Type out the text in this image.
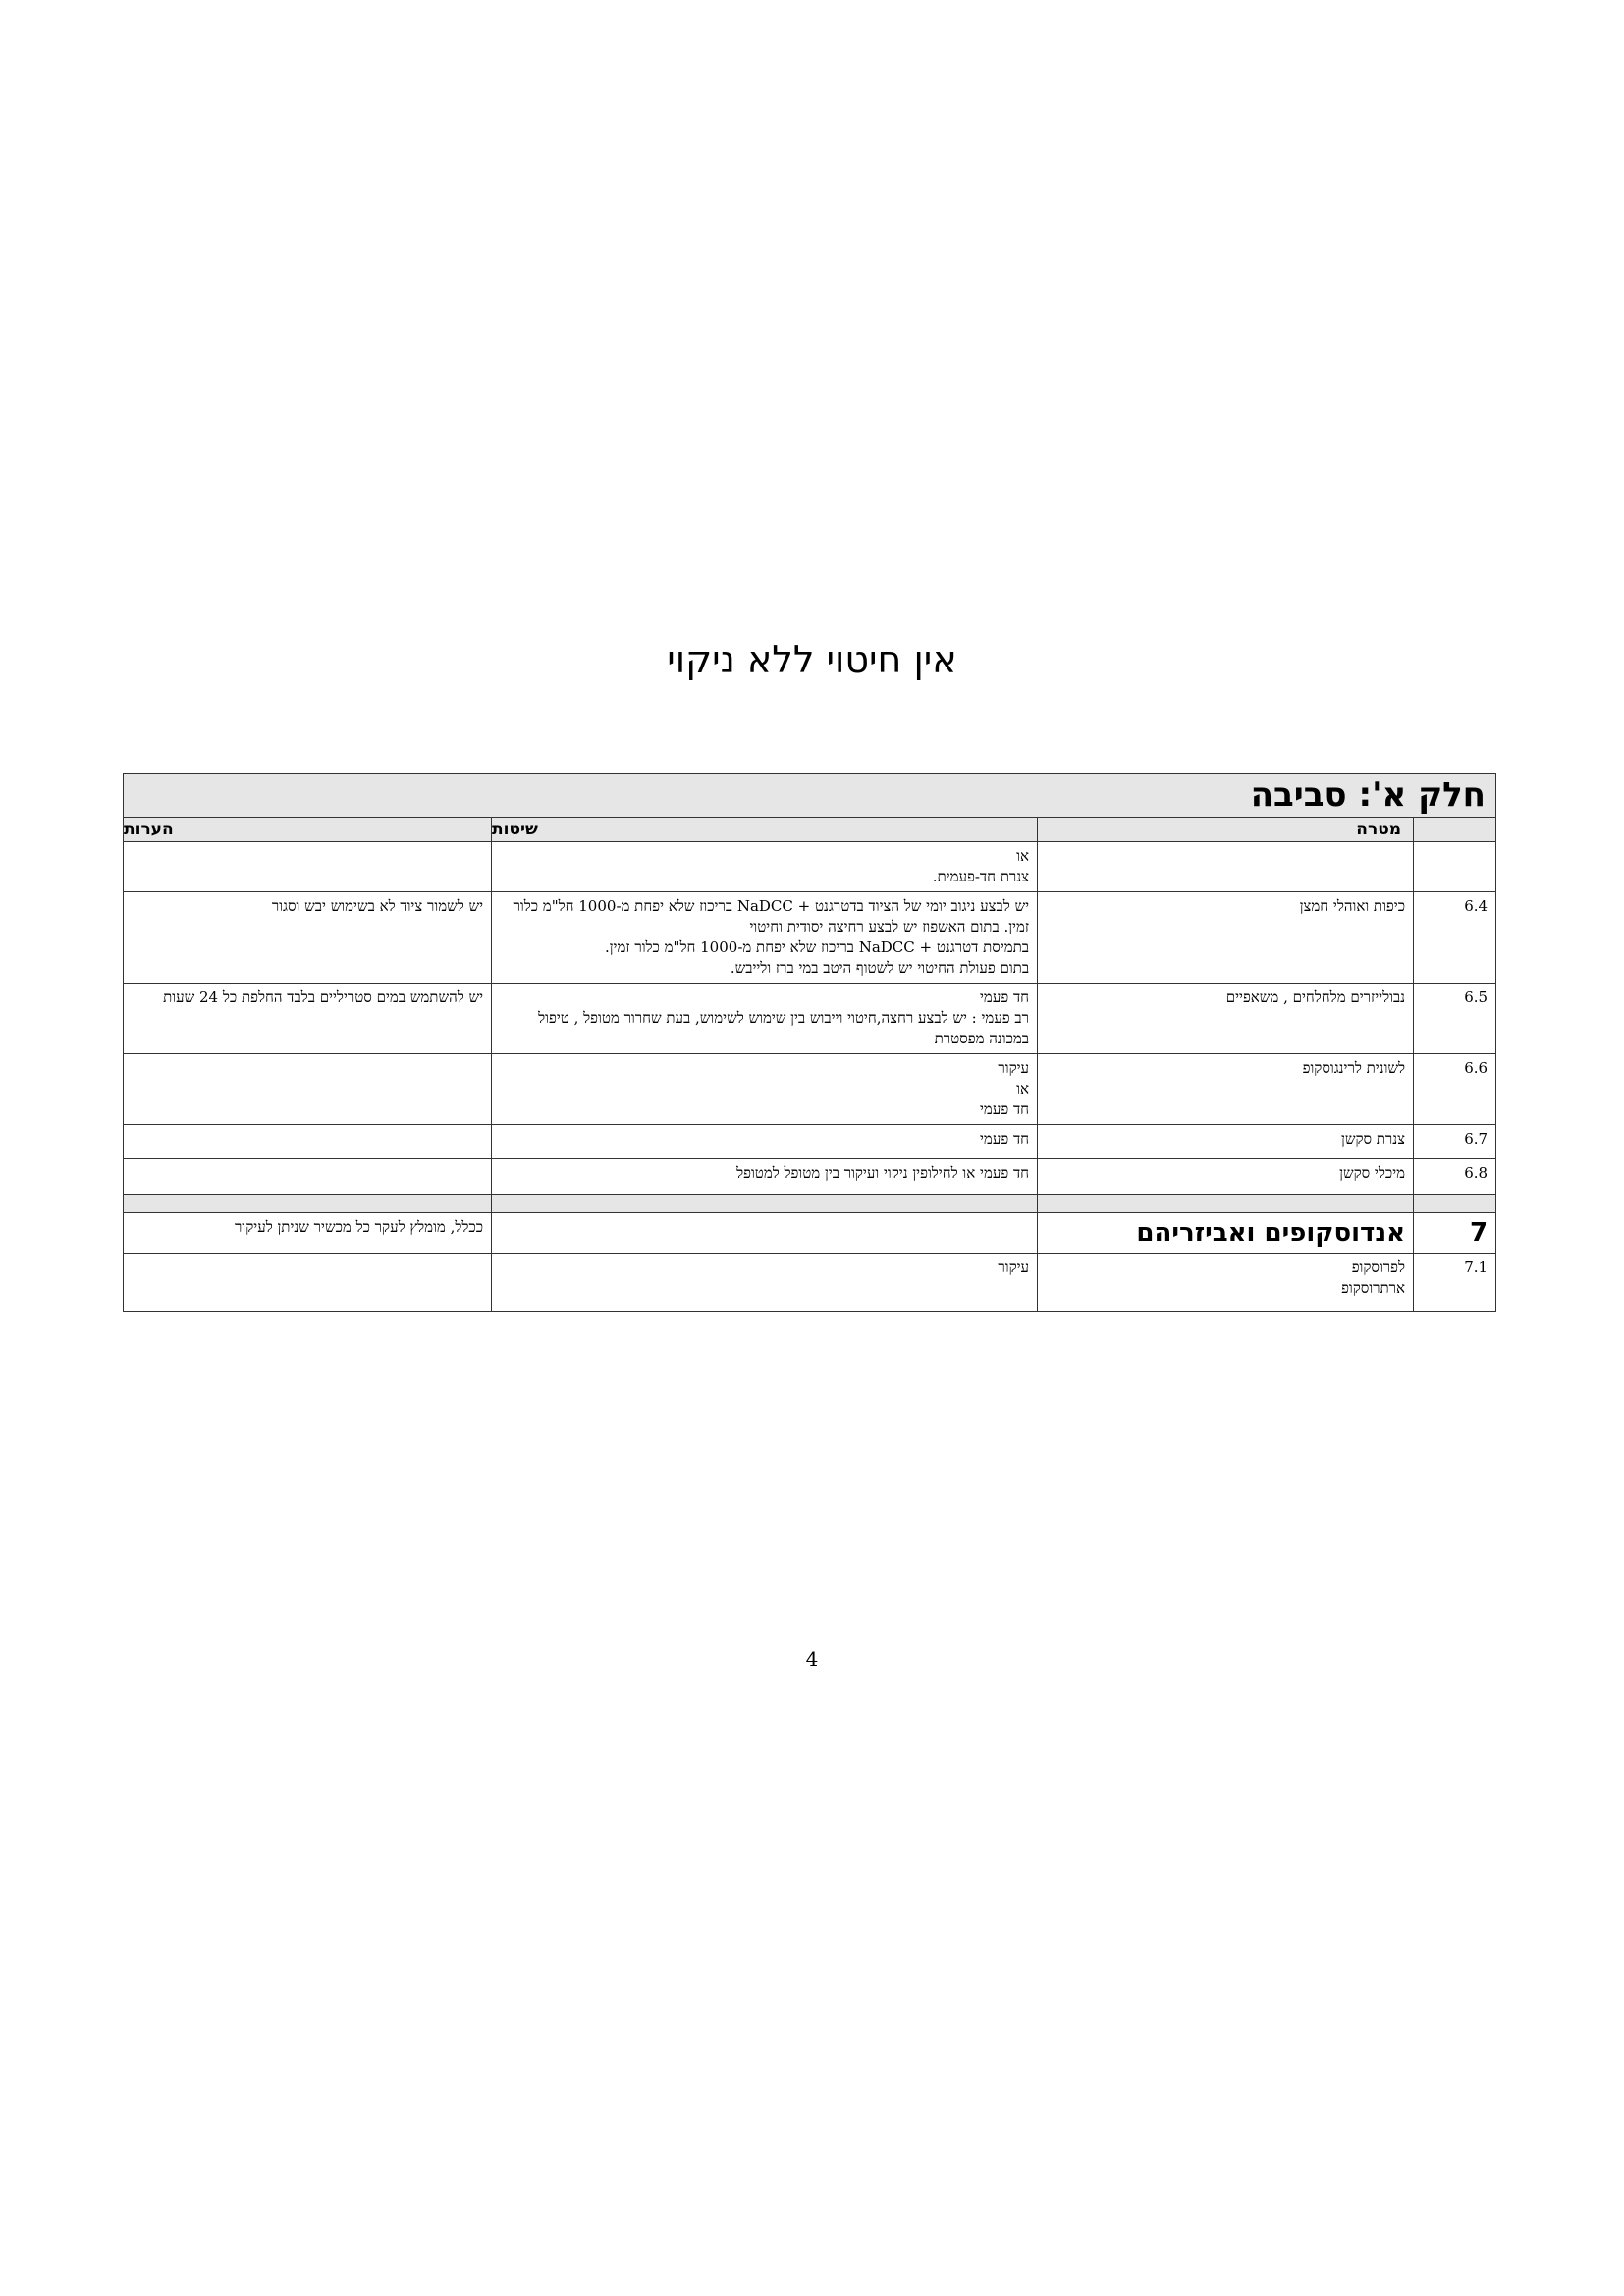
אין חיטוי ללא ניקוי
חלק א': סביבה			
	מטרה	שיטות	הערות

		או
צנרת חד-פעמית.	

6.4	כיפות ואוהלי חמצן	יש לבצע ניגוב יומי של הציוד בדטרגנט + NaDCC בריכוז שלא יפחת מ-1000 חל"מ כלור זמין. בתום האשפוז יש לבצע רחיצה יסודית וחיטוי
בתמיסת דטרגנט + NaDCC בריכוז שלא יפחת מ-1000 חל"מ כלור זמין.
בתום פעולת החיטוי יש לשטוף היטב במי ברז ולייבש.	יש לשמור ציוד לא בשימוש יבש וסגור
6.5	נבולייזרים מלחלחים , משאפיים	חד פעמי
רב פעמי : יש לבצע רחצה,חיטוי וייבוש בין שימוש לשימוש, בעת שחרור מטופל , טיפול במכונה מפסטרת	יש להשתמש במים סטריליים בלבד החלפת כל 24 שעות
6.6	לשונית לרינגוסקופ	עיקור
או
חד פעמי	

6.7	צנרת סקשן	חד פעמי	

6.8	מיכלי סקשן	חד פעמי או לחילופין ניקוי ועיקור בין מטופל למטופל	

7	אנדוסקופים ואביזריהם		ככלל, מומלץ לעקר כל מכשיר שניתן לעיקור
7.1	לפרוסקופ
ארתרוסקופ	עיקור	
4
